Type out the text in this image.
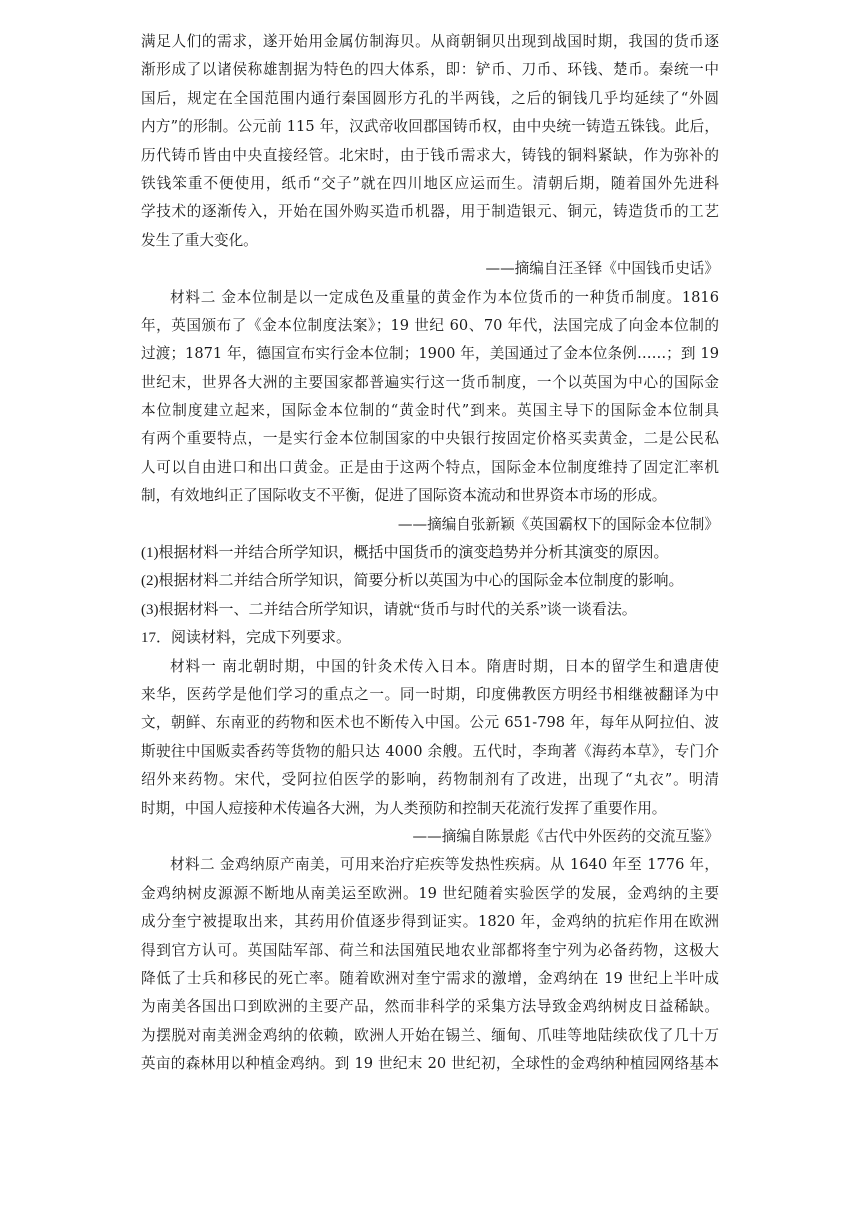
满足人们的需求，遂开始用金属仿制海贝。从商朝铜贝出现到战国时期，我国的货币逐
渐形成了以诸侯称雄割据为特色的四大体系，即：铲币、刀币、环钱、楚币。秦统一中
国后，规定在全国范围内通行秦国圆形方孔的半两钱，之后的铜钱几乎均延续了“外圆
内方”的形制。公元前 115 年，汉武帝收回郡国铸币权，由中央统一铸造五铢钱。此后，
历代铸币皆由中央直接经管。北宋时，由于钱币需求大，铸钱的铜料紧缺，作为弥补的
铁钱笨重不便使用，纸币“交子”就在四川地区应运而生。清朝后期，随着国外先进科
学技术的逐渐传入，开始在国外购买造币机器，用于制造银元、铜元，铸造货币的工艺
发生了重大变化。
——摘编自汪圣铎《中国钱币史话》
材料二 金本位制是以一定成色及重量的黄金作为本位货币的一种货币制度。1816
年，英国颁布了《金本位制度法案》；19 世纪 60、70 年代，法国完成了向金本位制的
过渡；1871 年，德国宣布实行金本位制；1900 年，美国通过了金本位条例……；到 19
世纪末，世界各大洲的主要国家都普遍实行这一货币制度，一个以英国为中心的国际金
本位制度建立起来，国际金本位制的“黄金时代”到来。英国主导下的国际金本位制具
有两个重要特点，一是实行金本位制国家的中央银行按固定价格买卖黄金，二是公民私
人可以自由进口和出口黄金。正是由于这两个特点，国际金本位制度维持了固定汇率机
制，有效地纠正了国际收支不平衡，促进了国际资本流动和世界资本市场的形成。
——摘编自张新颖《英国霸权下的国际金本位制》
(1)根据材料一并结合所学知识，概括中国货币的演变趋势并分析其演变的原因。
(2)根据材料二并结合所学知识，简要分析以英国为中心的国际金本位制度的影响。
(3)根据材料一、二并结合所学知识，请就“货币与时代的关系”谈一谈看法。
17．阅读材料，完成下列要求。
材料一 南北朝时期，中国的针灸术传入日本。隋唐时期，日本的留学生和遣唐使
来华，医药学是他们学习的重点之一。同一时期，印度佛教医方明经书相继被翻译为中
文，朝鲜、东南亚的药物和医术也不断传入中国。公元 651-798 年，每年从阿拉伯、波
斯驶往中国贩卖香药等货物的船只达 4000 余艘。五代时，李珣著《海药本草》，专门介
绍外来药物。宋代，受阿拉伯医学的影响，药物制剂有了改进，出现了“丸衣”。明清
时期，中国人痘接种术传遍各大洲，为人类预防和控制天花流行发挥了重要作用。
——摘编自陈景彪《古代中外医药的交流互鉴》
材料二 金鸡纳原产南美，可用来治疗疟疾等发热性疾病。从 1640 年至 1776 年，
金鸡纳树皮源源不断地从南美运至欧洲。19 世纪随着实验医学的发展，金鸡纳的主要
成分奎宁被提取出来，其药用价值逐步得到证实。1820 年，金鸡纳的抗疟作用在欧洲
得到官方认可。英国陆军部、荷兰和法国殖民地农业部都将奎宁列为必备药物，这极大
降低了士兵和移民的死亡率。随着欧洲对奎宁需求的激增，金鸡纳在 19 世纪上半叶成
为南美各国出口到欧洲的主要产品，然而非科学的采集方法导致金鸡纳树皮日益稀缺。
为摆脱对南美洲金鸡纳的依赖，欧洲人开始在锡兰、缅甸、爪哇等地陆续砍伐了几十万
英亩的森林用以种植金鸡纳。到 19 世纪末 20 世纪初，全球性的金鸡纳种植园网络基本
